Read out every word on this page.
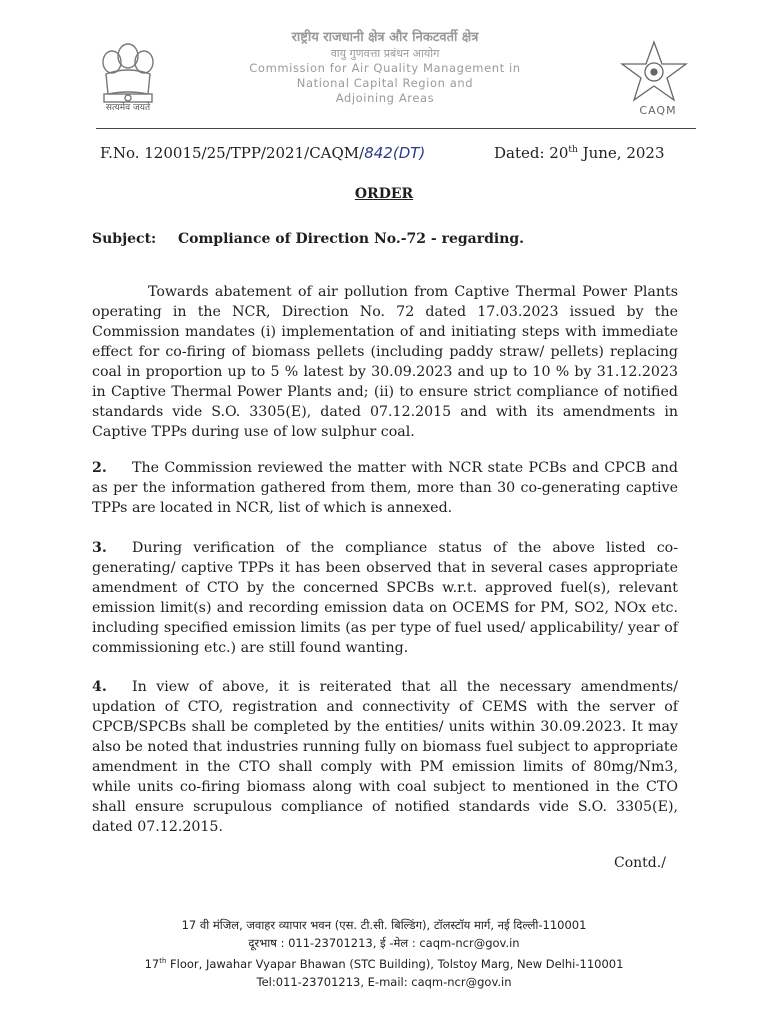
सत्यमेव जयते
राष्ट्रीय राजधानी क्षेत्र और निकटवर्ती क्षेत्र
वायु गुणवत्ता प्रबंधन आयोग
Commission for Air Quality Management in
National Capital Region and
Adjoining Areas
CAQM
F.No. 120015/25/TPP/2021/CAQM/842(DT)	Dated: 20th June, 2023
ORDER
Subject: Compliance of Direction No.-72 - regarding.
Towards abatement of air pollution from Captive Thermal Power Plants operating in the NCR, Direction No. 72 dated 17.03.2023 issued by the Commission mandates (i) implementation of and initiating steps with immediate effect for co-firing of biomass pellets (including paddy straw/ pellets) replacing coal in proportion up to 5 % latest by 30.09.2023 and up to 10 % by 31.12.2023 in Captive Thermal Power Plants and; (ii) to ensure strict compliance of notified standards vide S.O. 3305(E), dated 07.12.2015 and with its amendments in Captive TPPs during use of low sulphur coal.
2. The Commission reviewed the matter with NCR state PCBs and CPCB and as per the information gathered from them, more than 30 co-generating captive TPPs are located in NCR, list of which is annexed.
3. During verification of the compliance status of the above listed co-generating/ captive TPPs it has been observed that in several cases appropriate amendment of CTO by the concerned SPCBs w.r.t. approved fuel(s), relevant emission limit(s) and recording emission data on OCEMS for PM, SO2, NOx etc. including specified emission limits (as per type of fuel used/ applicability/ year of commissioning etc.) are still found wanting.
4. In view of above, it is reiterated that all the necessary amendments/ updation of CTO, registration and connectivity of CEMS with the server of CPCB/SPCBs shall be completed by the entities/ units within 30.09.2023. It may also be noted that industries running fully on biomass fuel subject to appropriate amendment in the CTO shall comply with PM emission limits of 80mg/Nm3, while units co-firing biomass along with coal subject to mentioned in the CTO shall ensure scrupulous compliance of notified standards vide S.O. 3305(E), dated 07.12.2015.
Contd./
17 वी मंजिल, जवाहर व्यापार भवन (एस. टी.सी. बिल्डिंग), टॉलस्टॉय मार्ग, नई दिल्ली-110001
दूरभाष : 011-23701213, ई -मेल : caqm-ncr@gov.in
17th Floor, Jawahar Vyapar Bhawan (STC Building), Tolstoy Marg, New Delhi-110001
Tel:011-23701213, E-mail: caqm-ncr@gov.in
